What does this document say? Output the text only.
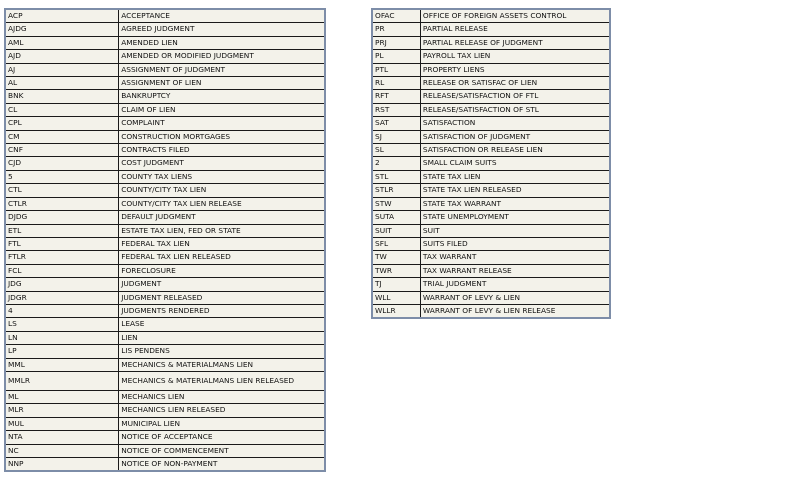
ACP	ACCEPTANCE
AJDG	AGREED JUDGMENT
AML	AMENDED LIEN
AJD	AMENDED OR MODIFIED JUDGMENT
AJ	ASSIGNMENT OF JUDGMENT
AL	ASSIGNMENT OF LIEN
BNK	BANKRUPTCY
CL	CLAIM OF LIEN
CPL	COMPLAINT
CM	CONSTRUCTION MORTGAGES
CNF	CONTRACTS FILED
CJD	COST JUDGMENT
5	COUNTY TAX LIENS
CTL	COUNTY/CITY TAX LIEN
CTLR	COUNTY/CITY TAX LIEN RELEASE
DJDG	DEFAULT JUDGMENT
ETL	ESTATE TAX LIEN, FED OR STATE
FTL	FEDERAL TAX LIEN
FTLR	FEDERAL TAX LIEN RELEASED
FCL	FORECLOSURE
JDG	JUDGMENT
JDGR	JUDGMENT RELEASED
4	JUDGMENTS RENDERED
LS	LEASE
LN	LIEN
LP	LIS PENDENS
MML	MECHANICS & MATERIALMANS LIEN
MMLR	MECHANICS & MATERIALMANS LIEN RELEASED
ML	MECHANICS LIEN
MLR	MECHANICS LIEN RELEASED
MUL	MUNICIPAL LIEN
NTA	NOTICE OF ACCEPTANCE
NC	NOTICE OF COMMENCEMENT
NNP	NOTICE OF NON-PAYMENT
OFAC	OFFICE OF FOREIGN ASSETS CONTROL
PR	PARTIAL RELEASE
PRJ	PARTIAL RELEASE OF JUDGMENT
PL	PAYROLL TAX LIEN
PTL	PROPERTY LIENS
RL	RELEASE OR SATISFAC OF LIEN
RFT	RELEASE/SATISFACTION OF FTL
RST	RELEASE/SATISFACTION OF STL
SAT	SATISFACTION
SJ	SATISFACTION OF JUDGMENT
SL	SATISFACTION OR RELEASE LIEN
2	SMALL CLAIM SUITS
STL	STATE TAX LIEN
STLR	STATE TAX LIEN RELEASED
STW	STATE TAX WARRANT
SUTA	STATE UNEMPLOYMENT
SUIT	SUIT
SFL	SUITS FILED
TW	TAX WARRANT
TWR	TAX WARRANT RELEASE
TJ	TRIAL JUDGMENT
WLL	WARRANT OF LEVY & LIEN
WLLR	WARRANT OF LEVY & LIEN RELEASE
